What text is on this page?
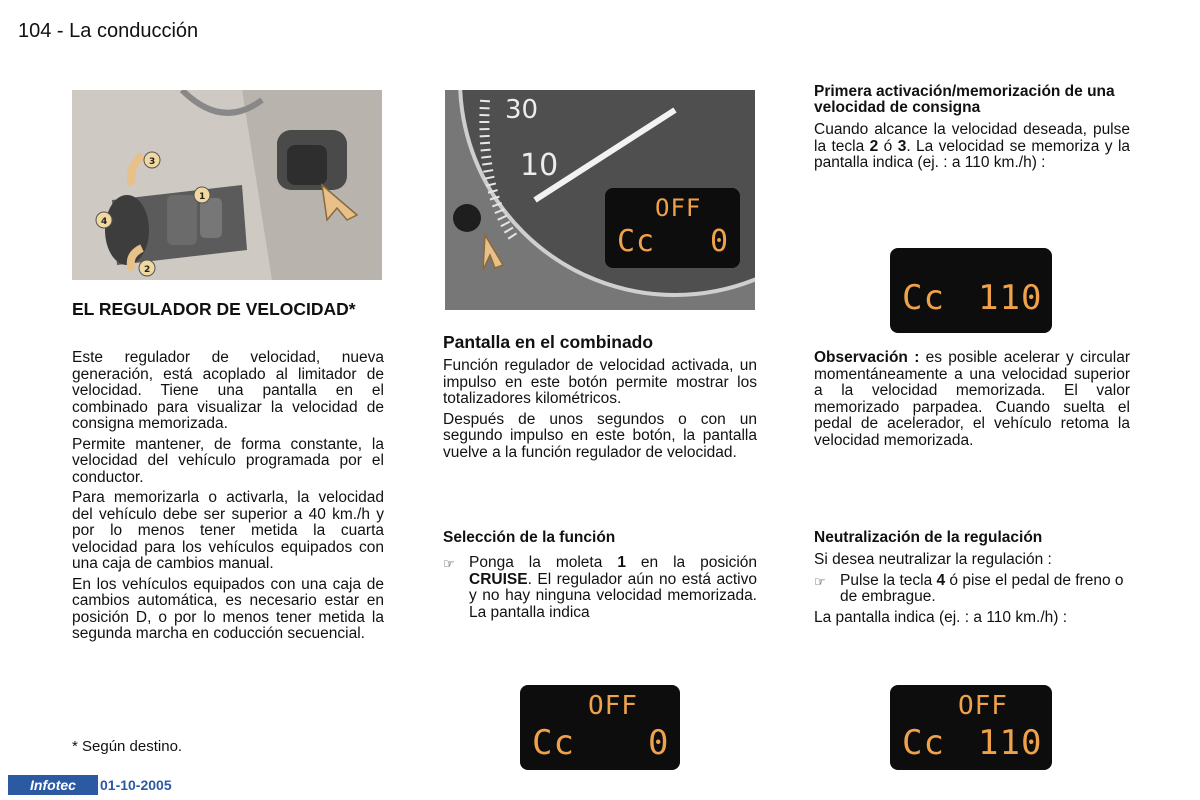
104 - La conducción
3
1
4
2
30
10
OFF
Cc 0
EL REGULADOR DE VELOCIDAD*

Este regulador de velocidad, nueva generación, está acoplado al limitador de velocidad. Tiene una pantalla en el combinado para visualizar la velocidad de consigna memorizada.

Permite mantener, de forma constante, la velocidad del vehículo programada por el conductor.

Para memorizarla o activarla, la velocidad del vehículo debe ser superior a 40 km./h y por lo menos tener metida la cuarta velocidad para los vehículos equipados con una caja de cambios manual.

En los vehículos equipados con una caja de cambios automática, es necesario estar en posición D, o por lo menos tener metida la segunda marcha en coducción secuencial.

* Según destino.
Pantalla en el combinado

Función regulador de velocidad activada, un impulso en este botón permite mostrar los totalizadores kilométricos.

Después de unos segundos o con un segundo impulso en este botón, la pantalla vuelve a la función regulador de velocidad.

Selección de la función
☞ Ponga la moleta 1 en la posición CRUISE. El regulador aún no está activo y no hay ninguna velocidad memorizada. La pantalla indica
OFF
Cc 0
Primera activación/memorización de una velocidad de consigna

Cuando alcance la velocidad deseada, pulse la tecla 2 ó 3. La velocidad se memoriza y la pantalla indica (ej. : a 110 km./h) :

Cc 110

Observación : es posible acelerar y circular momentáneamente a una velocidad superior a la velocidad memorizada. El valor memorizado parpadea. Cuando suelta el pedal de acelerador, el vehículo retoma la velocidad memorizada.

Neutralización de la regulación

Si desea neutralizar la regulación :

☞ Pulse la tecla 4 ó pise el pedal de freno o de embrague.

La pantalla indica (ej. : a 110 km./h) :

OFF
Cc 110
Infotec	01-10-2005
